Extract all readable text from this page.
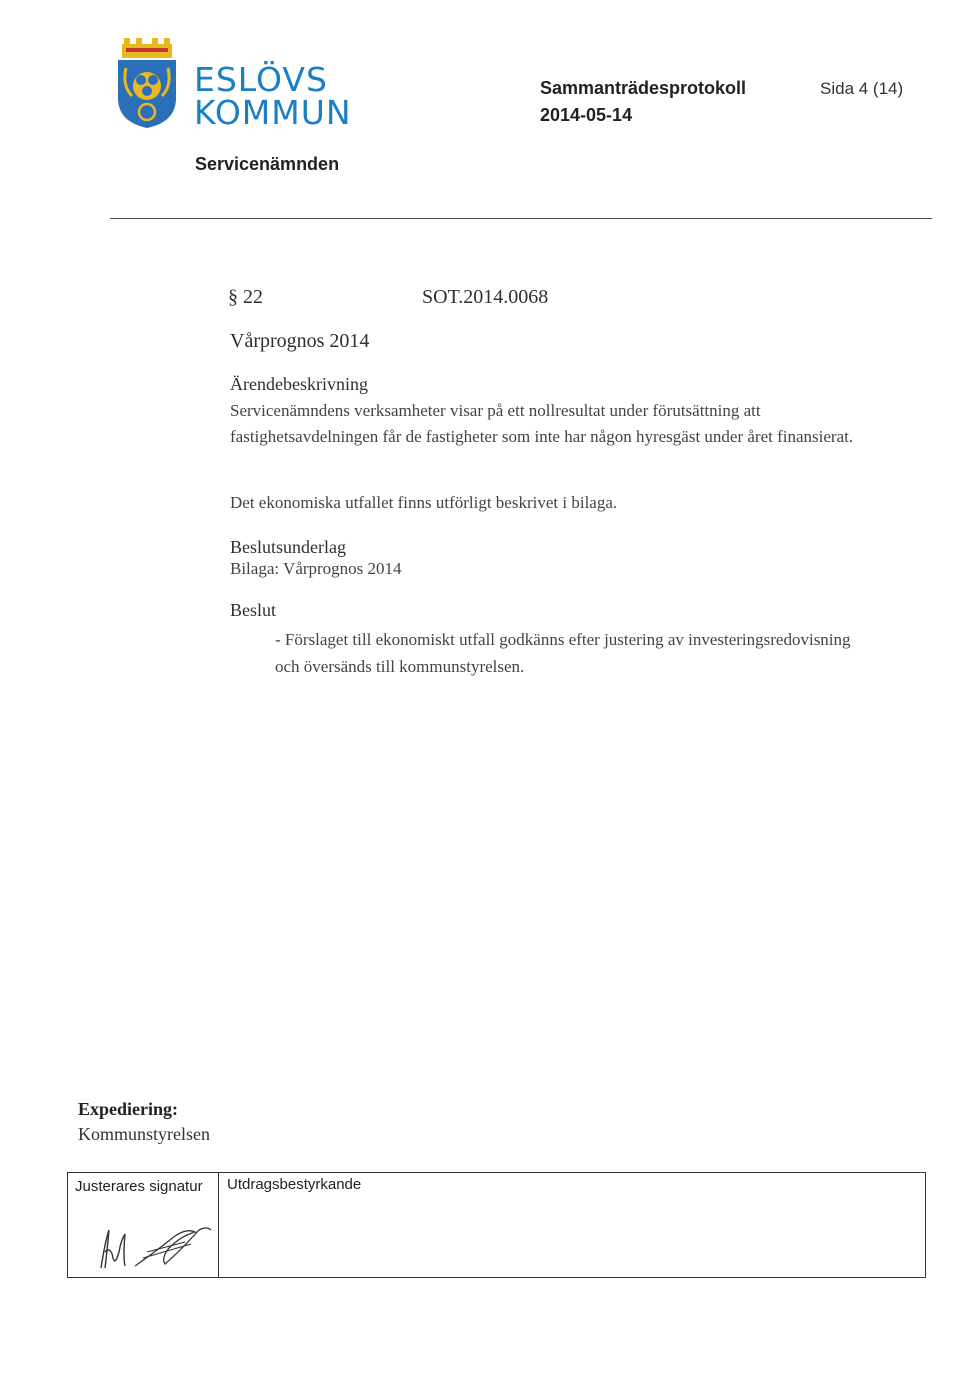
ESLÖVS
KOMMUN
Sammanträdesprotokoll	Sida 4 (14)
2014-05-14
Servicenämnden
§ 22	SOT.2014.0068
Vårprognos 2014
Ärendebeskrivning
Servicenämndens verksamheter visar på ett nollresultat under förutsättning att fastighetsavdelningen får de fastigheter som inte har någon hyresgäst under året finansierat.
Det ekonomiska utfallet finns utförligt beskrivet i bilaga.
Beslutsunderlag
Bilaga: Vårprognos 2014
Beslut
- Förslaget till ekonomiskt utfall godkänns efter justering av investeringsredovisning och översänds till kommunstyrelsen.
Expediering:
Kommunstyrelsen
Justerares signatur Utdragsbestyrkande
